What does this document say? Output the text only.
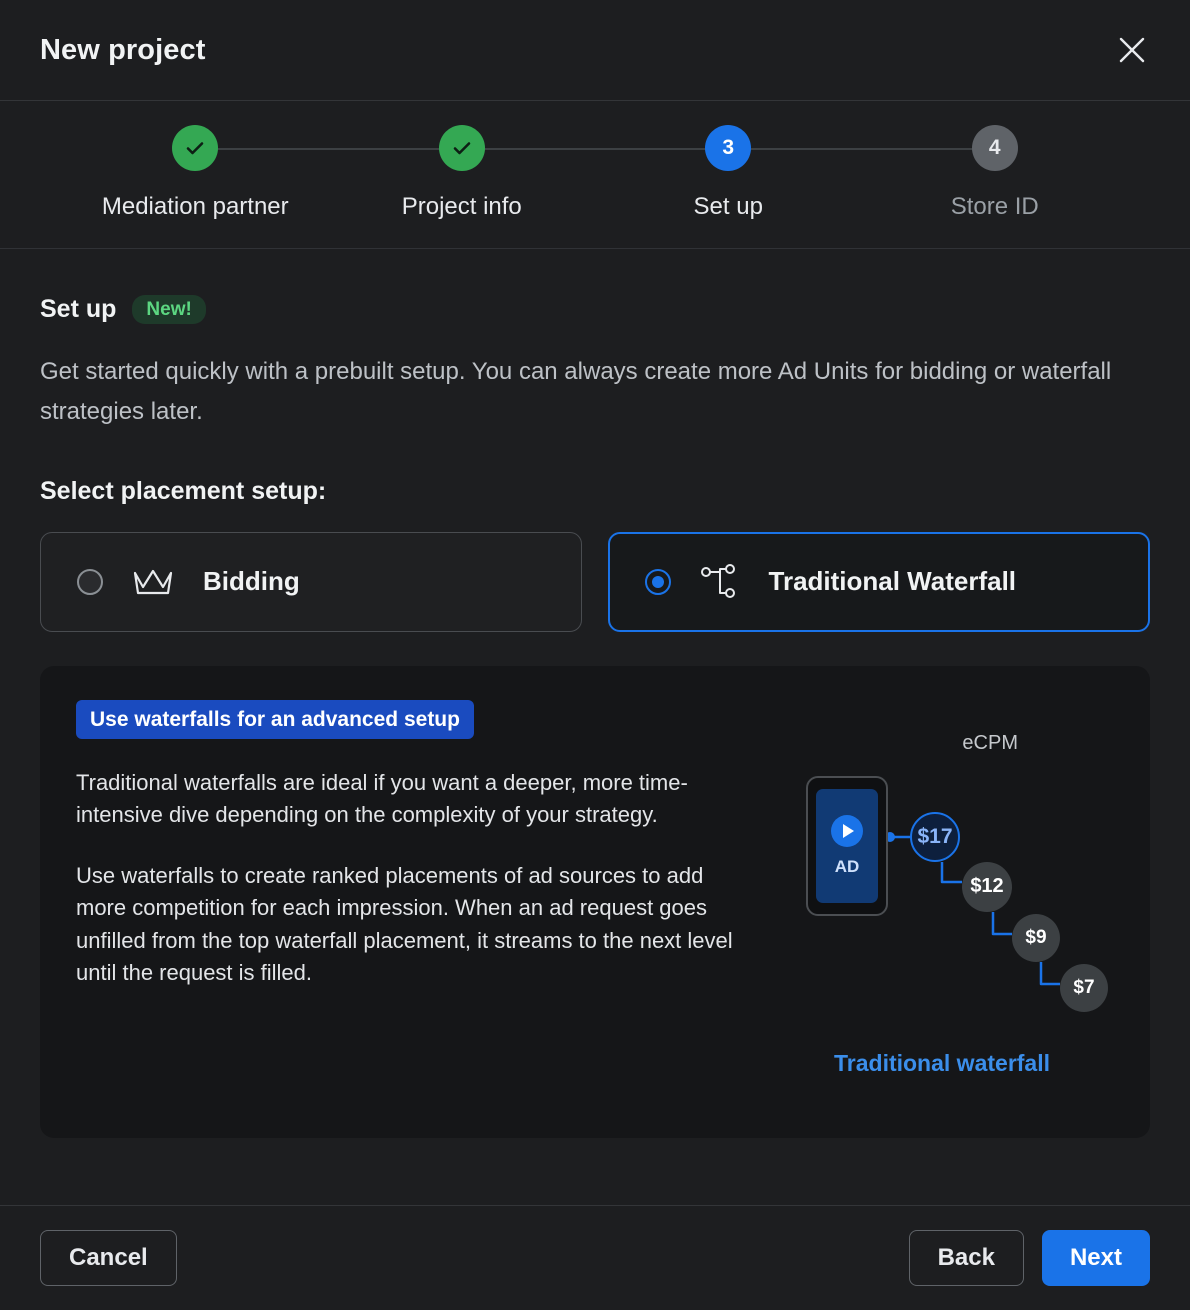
New project
Mediation partner	Project info
3
Set up
4
Store ID
Set up	New!
Get started quickly with a prebuilt setup. You can always create more Ad Units for bidding or waterfall strategies later.
Select placement setup:
Bidding	Traditional Waterfall
Use waterfalls for an advanced setup
Traditional waterfalls are ideal if you want a deeper, more time-intensive dive depending on the complexity of your strategy.
Use waterfalls to create ranked placements of ad sources to add more competition for each impression. When an ad request goes unfilled from the top waterfall placement, it streams to the next level until the request is filled.
eCPM
AD
$17
$12
$9
$7
Traditional waterfall
Cancel	Back	Next
